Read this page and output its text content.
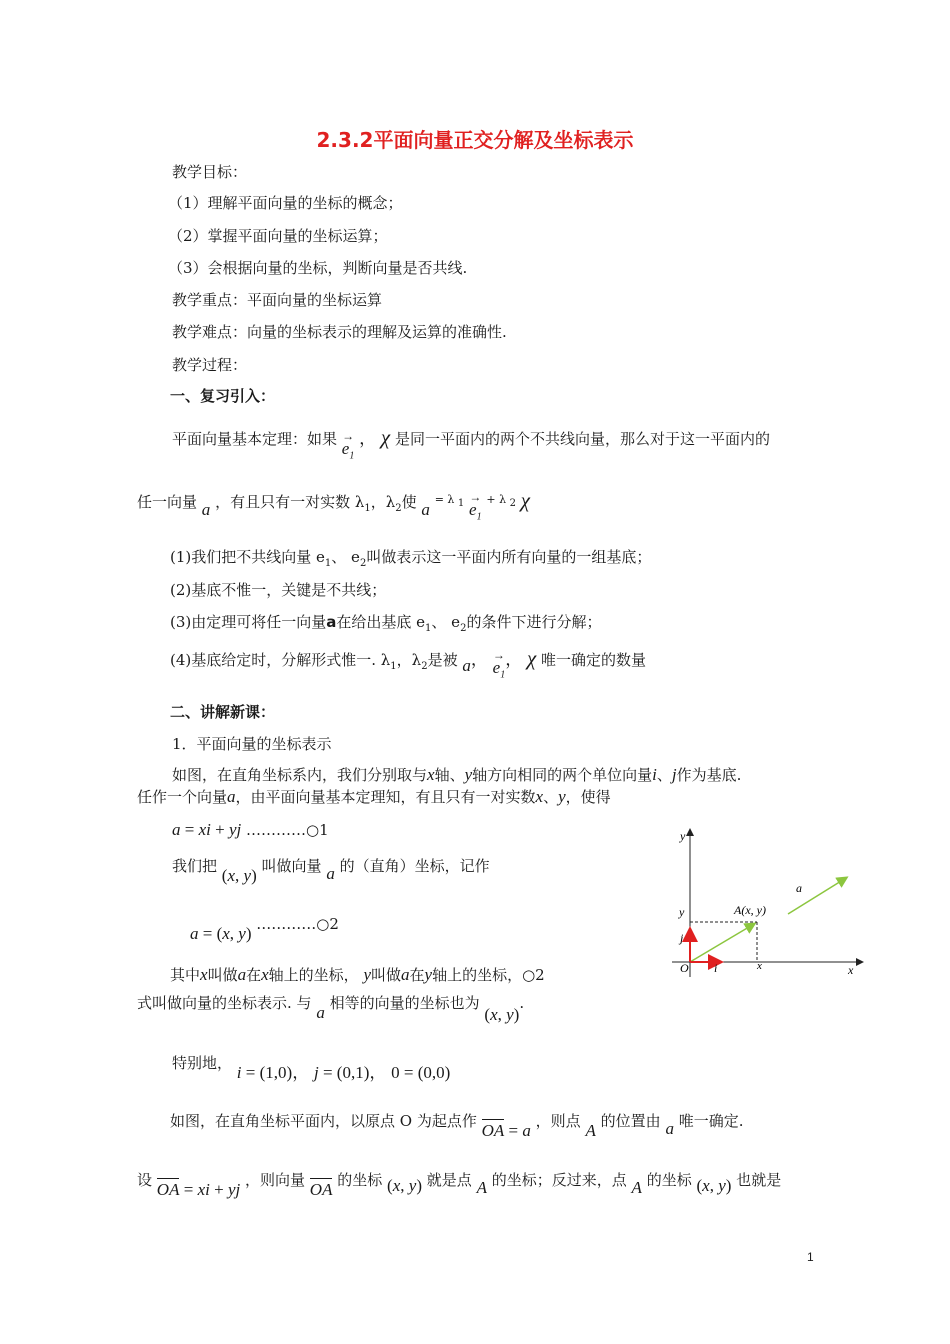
2.3.2平面向量正交分解及坐标表示
教学目标：
（1）理解平面向量的坐标的概念；
（2）掌握平面向量的坐标运算；
（3）会根据向量的坐标，判断向量是否共线.
教学重点：平面向量的坐标运算
教学难点：向量的坐标表示的理解及运算的准确性.
教学过程：
一、复习引入：
平面向量基本定理：如果 →
$e_1$ ， χ 是同一平面内的两个不共线向量，那么对于这一平面内的
任一向量 a ，有且只有一对实数 $\lambda_1$，$\lambda_2$使 a $^{= \lambda 1}$ →
$e_1$ $^{+ \lambda 2}$ χ
(1)我们把不共线向量 $e_1$、 $e_2$叫做表示这一平面内所有向量的一组基底；
(2)基底不惟一，关键是不共线；
(3)由定理可将任一向量a在给出基底 $e_1$、 $e_2$的条件下进行分解；
(4)基底给定时，分解形式惟一. $\lambda_1$，$\lambda_2$是被 a， →
$e_1$， χ 唯一确定的数量
二、讲解新课：
1．平面向量的坐标表示
如图，在直角坐标系内，我们分别取与x轴、y轴方向相同的两个单位向量i、j作为基底.
任作一个向量a，由平面向量基本定理知，有且只有一对实数x、y，使得
a = xi + yj …………○1
我们把 (x, y) 叫做向量 a 的（直角）坐标，记作
a = (x, y) …………○2
其中x叫做a在x轴上的坐标， y叫做a在y轴上的坐标，○2
式叫做向量的坐标表示. 与 a 相等的向量的坐标也为 (x, y).
特别地， i = (1,0)， j = (0,1)， 0 = (0,0)
如图，在直角坐标平面内，以原点 O 为起点作 OA = a ，则点 A 的位置由 a 唯一确定.
设 OA = xi + yj ，则向量 OA 的坐标 (x, y) 就是点 A 的坐标；反过来，点 A 的坐标 (x, y) 也就是
y
x
y
x
O
A(x, y)
a
i
j
1
